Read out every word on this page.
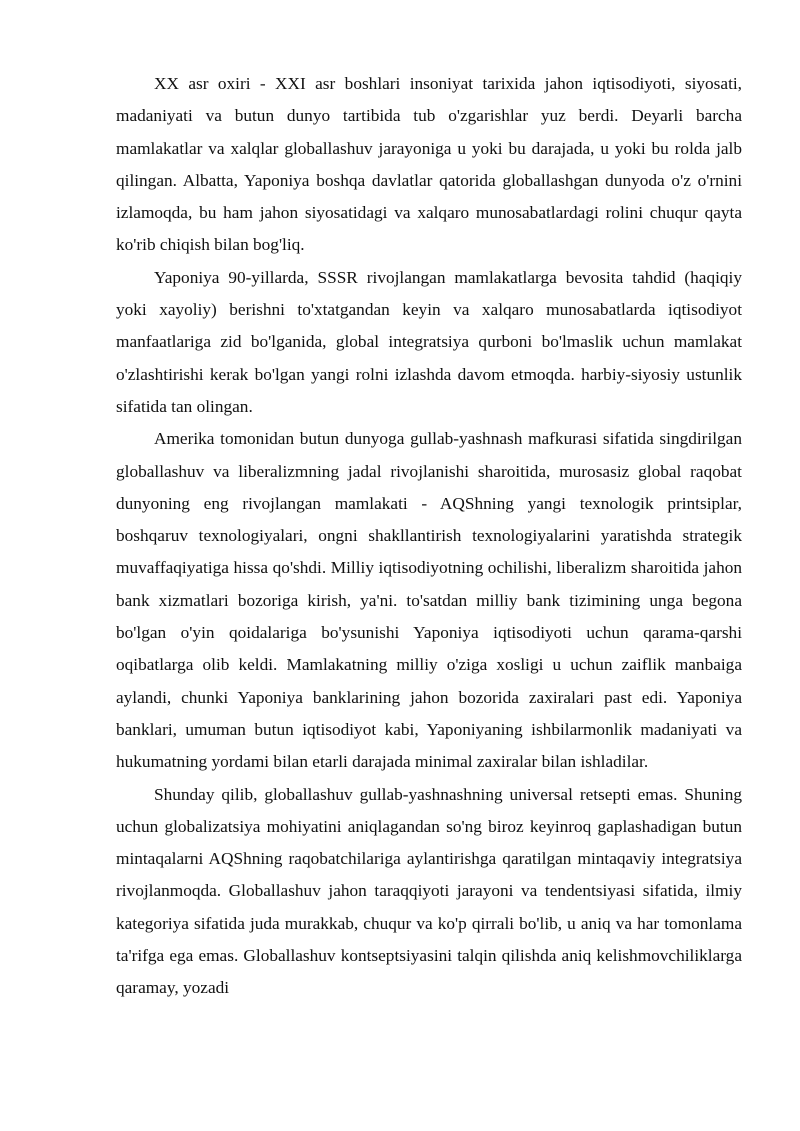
XX asr oxiri - XXI asr boshlari insoniyat tarixida jahon iqtisodiyoti, siyosati, madaniyati va butun dunyo tartibida tub o'zgarishlar yuz berdi. Deyarli barcha mamlakatlar va xalqlar globallashuv jarayoniga u yoki bu darajada, u yoki bu rolda jalb qilingan. Albatta, Yaponiya boshqa davlatlar qatorida globallashgan dunyoda o'z o'rnini izlamoqda, bu ham jahon siyosatidagi va xalqaro munosabatlardagi rolini chuqur qayta ko'rib chiqish bilan bog'liq.

Yaponiya 90-yillarda, SSSR rivojlangan mamlakatlarga bevosita tahdid (haqiqiy yoki xayoliy) berishni to'xtatgandan keyin va xalqaro munosabatlarda iqtisodiyot manfaatlariga zid bo'lganida, global integratsiya qurboni bo'lmaslik uchun mamlakat o'zlashtirishi kerak bo'lgan yangi rolni izlashda davom etmoqda. harbiy-siyosiy ustunlik sifatida tan olingan.

Amerika tomonidan butun dunyoga gullab-yashnash mafkurasi sifatida singdirilgan globallashuv va liberalizmning jadal rivojlanishi sharoitida, murosasiz global raqobat dunyoning eng rivojlangan mamlakati - AQShning yangi texnologik printsiplar, boshqaruv texnologiyalari, ongni shakllantirish texnologiyalarini yaratishda strategik muvaffaqiyatiga hissa qo'shdi. Milliy iqtisodiyotning ochilishi, liberalizm sharoitida jahon bank xizmatlari bozoriga kirish, ya'ni. to'satdan milliy bank tizimining unga begona bo'lgan o'yin qoidalariga bo'ysunishi Yaponiya iqtisodiyoti uchun qarama-qarshi oqibatlarga olib keldi. Mamlakatning milliy o'ziga xosligi u uchun zaiflik manbaiga aylandi, chunki Yaponiya banklarining jahon bozorida zaxiralari past edi. Yaponiya banklari, umuman butun iqtisodiyot kabi, Yaponiyaning ishbilarmonlik madaniyati va hukumatning yordami bilan etarli darajada minimal zaxiralar bilan ishladilar.

Shunday qilib, globallashuv gullab-yashnashning universal retsepti emas. Shuning uchun globalizatsiya mohiyatini aniqlagandan so'ng biroz keyinroq gaplashadigan butun mintaqalarni AQShning raqobatchilariga aylantirishga qaratilgan mintaqaviy integratsiya rivojlanmoqda. Globallashuv jahon taraqqiyoti jarayoni va tendentsiyasi sifatida, ilmiy kategoriya sifatida juda murakkab, chuqur va ko'p qirrali bo'lib, u aniq va har tomonlama ta'rifga ega emas. Globallashuv kontseptsiyasini talqin qilishda aniq kelishmovchiliklarga qaramay, yozadi
